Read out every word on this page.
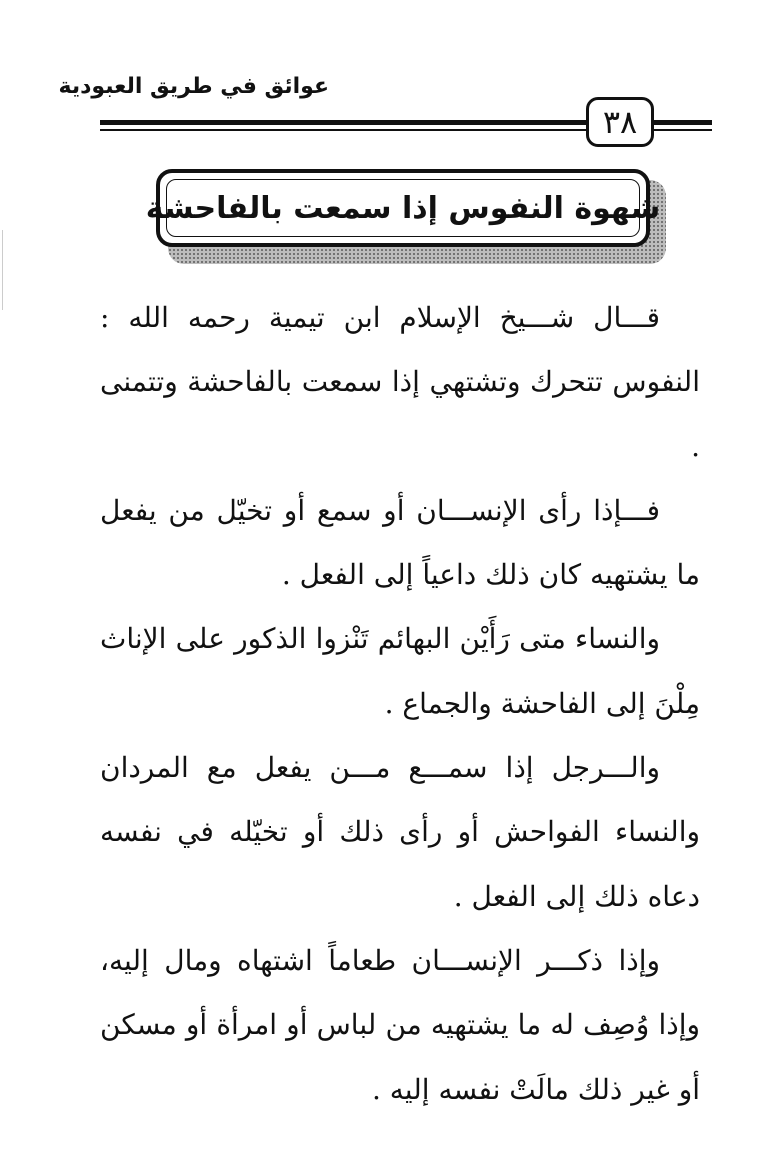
عوائق في طريق العبودية
٣٨
شهوة النفوس إذا سمعت بالفاحشة

قـــال شـــيخ الإسلام ابن تيمية رحمه الله : النفوس تتحرك وتشتهي إذا سمعت بالفاحشة وتتمنى .

فـــإذا رأى الإنســـان أو سمع أو تخيّل من يفعل ما يشتهيه كان ذلك داعياً إلى الفعل .

والنساء متى رَأَيْن البهائم تَنْزوا الذكور على الإناث مِلْنَ إلى الفاحشة والجماع .

والـــرجل إذا سمـــع مـــن يفعل مع المردان والنساء الفواحش أو رأى ذلك أو تخيّله في نفسه دعاه ذلك إلى الفعل .

وإذا ذكـــر الإنســـان طعاماً اشتهاه ومال إليه، وإذا وُصِف له ما يشتهيه من لباس أو امرأة أو مسكن أو غير ذلك مالَتْ نفسه إليه .
